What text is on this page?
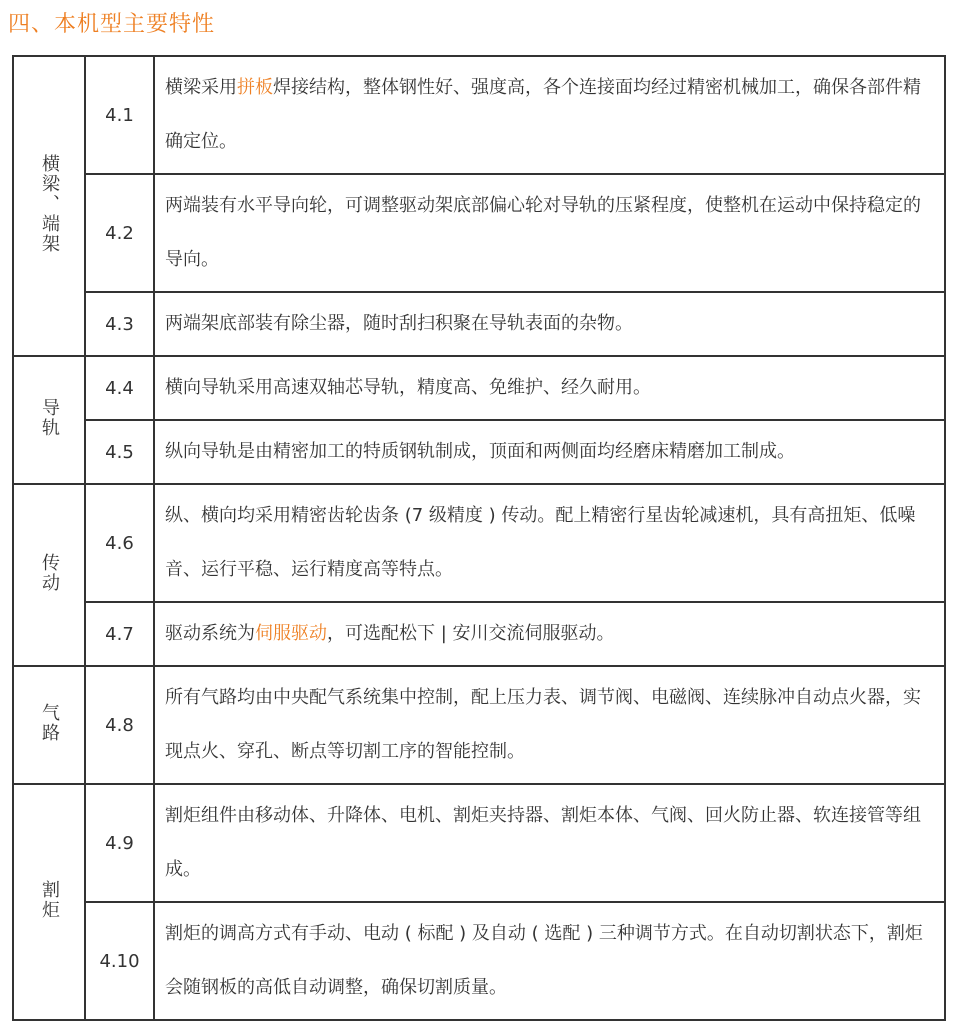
四、本机型主要特性
横梁、端架	4.1	横梁采用拼板焊接结构，整体钢性好、强度高，各个连接面均经过精密机械加工，确保各部件精确定位。
	4.2	两端装有水平导向轮，可调整驱动架底部偏心轮对导轨的压紧程度，使整机在运动中保持稳定的导向。
	4.3	两端架底部装有除尘器，随时刮扫积聚在导轨表面的杂物。
导轨	4.4	横向导轨采用高速双轴芯导轨，精度高、免维护、经久耐用。
	4.5	纵向导轨是由精密加工的特质钢轨制成，顶面和两侧面均经磨床精磨加工制成。
传动	4.6	纵、横向均采用精密齿轮齿条 (7 级精度 ) 传动。配上精密行星齿轮减速机，具有高扭矩、低噪音、运行平稳、运行精度高等特点。
	4.7	驱动系统为伺服驱动，可选配松下 | 安川交流伺服驱动。
气路	4.8	所有气路均由中央配气系统集中控制，配上压力表、调节阀、电磁阀、连续脉冲自动点火器，实现点火、穿孔、断点等切割工序的智能控制。
割炬	4.9	割炬组件由移动体、升降体、电机、割炬夹持器、割炬本体、气阀、回火防止器、软连接管等组成。
	4.10	割炬的调高方式有手动、电动 ( 标配 ) 及自动 ( 选配 ) 三种调节方式。在自动切割状态下，割炬会随钢板的高低自动调整，确保切割质量。
